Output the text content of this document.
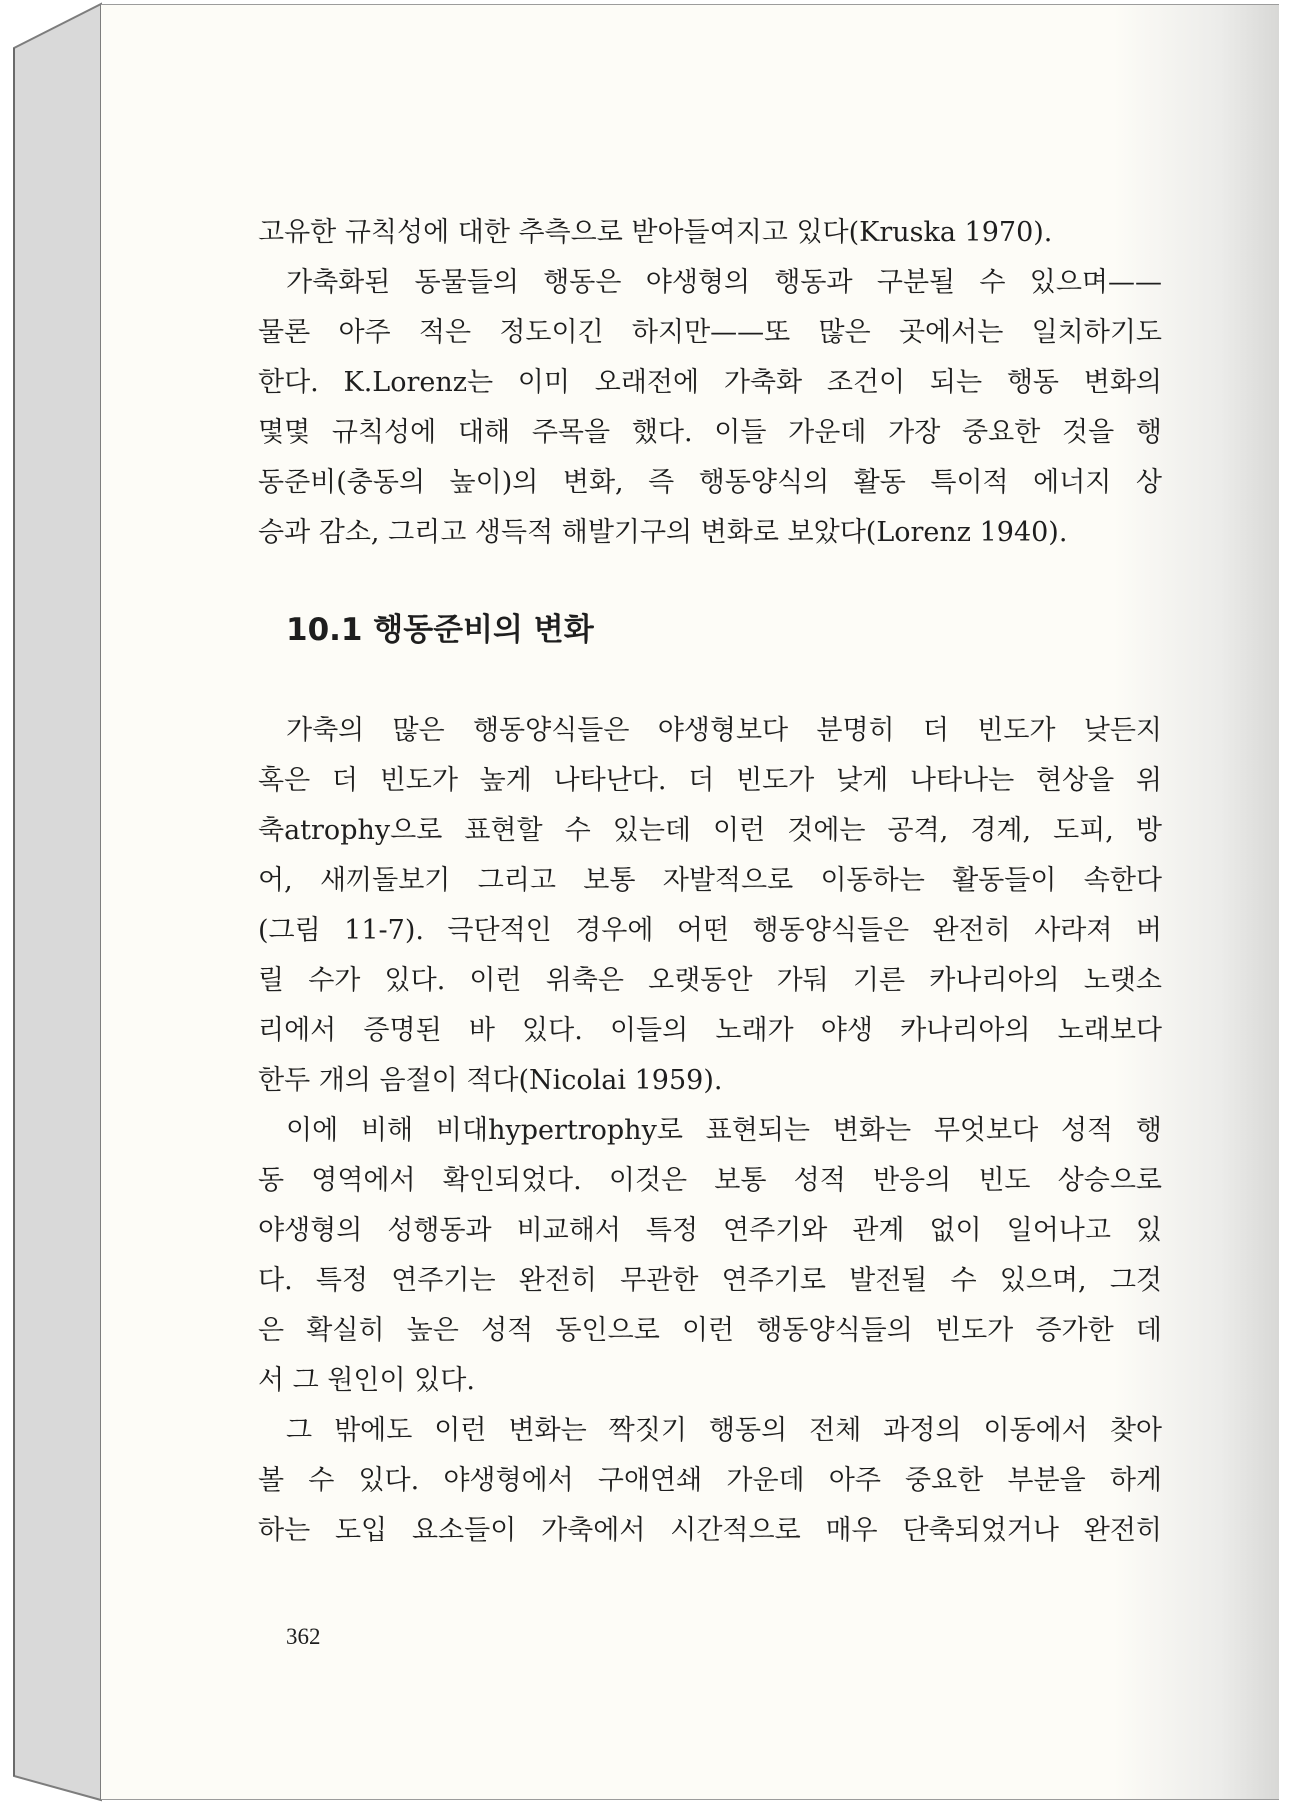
고유한 규칙성에 대한 추측으로 받아들여지고 있다(Kruska 1970).
가축화된 동물들의 행동은 야생형의 행동과 구분될 수 있으며——
물론 아주 적은 정도이긴 하지만——또 많은 곳에서는 일치하기도
한다. K.Lorenz는 이미 오래전에 가축화 조건이 되는 행동 변화의
몇몇 규칙성에 대해 주목을 했다. 이들 가운데 가장 중요한 것을 행
동준비(충동의 높이)의 변화, 즉 행동양식의 활동 특이적 에너지 상
승과 감소, 그리고 생득적 해발기구의 변화로 보았다(Lorenz 1940).
10.1 행동준비의 변화
가축의 많은 행동양식들은 야생형보다 분명히 더 빈도가 낮든지
혹은 더 빈도가 높게 나타난다. 더 빈도가 낮게 나타나는 현상을 위
축atrophy으로 표현할 수 있는데 이런 것에는 공격, 경계, 도피, 방
어, 새끼돌보기 그리고 보통 자발적으로 이동하는 활동들이 속한다
(그림 11-7). 극단적인 경우에 어떤 행동양식들은 완전히 사라져 버
릴 수가 있다. 이런 위축은 오랫동안 가둬 기른 카나리아의 노랫소
리에서 증명된 바 있다. 이들의 노래가 야생 카나리아의 노래보다
한두 개의 음절이 적다(Nicolai 1959).
이에 비해 비대hypertrophy로 표현되는 변화는 무엇보다 성적 행
동 영역에서 확인되었다. 이것은 보통 성적 반응의 빈도 상승으로
야생형의 성행동과 비교해서 특정 연주기와 관계 없이 일어나고 있
다. 특정 연주기는 완전히 무관한 연주기로 발전될 수 있으며, 그것
은 확실히 높은 성적 동인으로 이런 행동양식들의 빈도가 증가한 데
서 그 원인이 있다.
그 밖에도 이런 변화는 짝짓기 행동의 전체 과정의 이동에서 찾아
볼 수 있다. 야생형에서 구애연쇄 가운데 아주 중요한 부분을 하게
하는 도입 요소들이 가축에서 시간적으로 매우 단축되었거나 완전히

362
